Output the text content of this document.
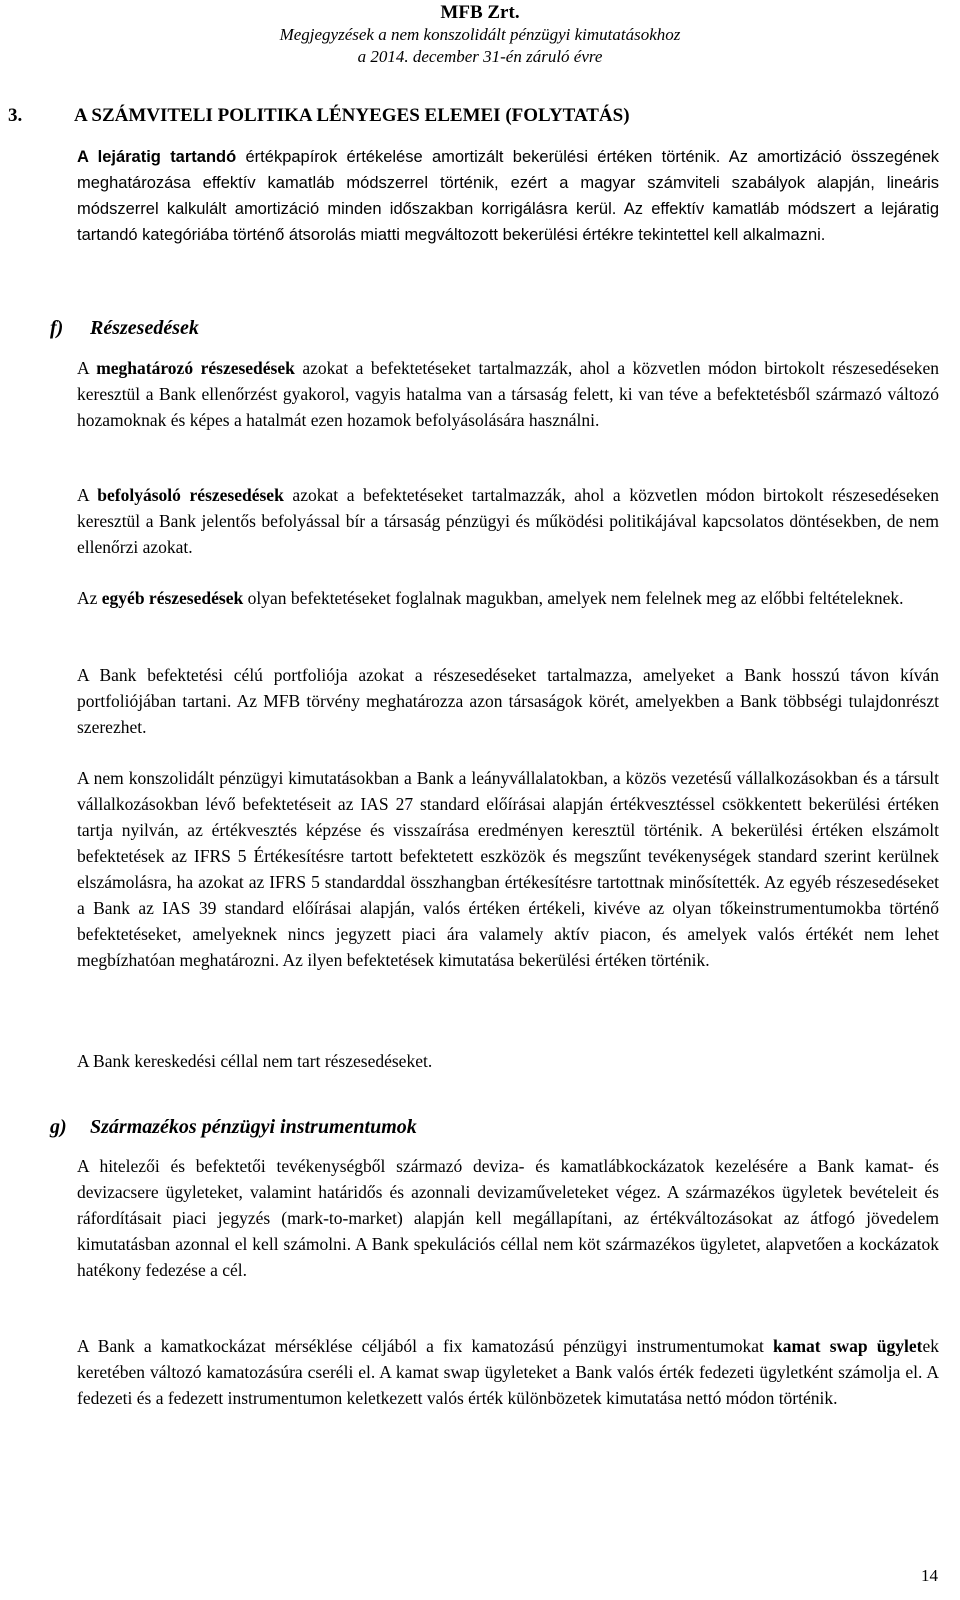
MFB Zrt.
Megjegyzések a nem konszolidált pénzügyi kimutatásokhoz
a 2014. december 31-én záruló évre
3.	A SZÁMVITELI POLITIKA LÉNYEGES ELEMEI (FOLYTATÁS)

A lejáratig tartandó értékpapírok értékelése amortizált bekerülési értéken történik. Az amortizáció összegének meghatározása effektív kamatláb módszerrel történik, ezért a magyar számviteli szabályok alapján, lineáris módszerrel kalkulált amortizáció minden időszakban korrigálásra kerül. Az effektív kamatláb módszert a lejáratig tartandó kategóriába történő átsorolás miatti megváltozott bekerülési értékre tekintettel kell alkalmazni.

f) Részesedések

A meghatározó részesedések azokat a befektetéseket tartalmazzák, ahol a közvetlen módon birtokolt részesedéseken keresztül a Bank ellenőrzést gyakorol, vagyis hatalma van a társaság felett, ki van téve a befektetésből származó változó hozamoknak és képes a hatalmát ezen hozamok befolyásolására használni.

A befolyásoló részesedések azokat a befektetéseket tartalmazzák, ahol a közvetlen módon birtokolt részesedéseken keresztül a Bank jelentős befolyással bír a társaság pénzügyi és működési politikájával kapcsolatos döntésekben, de nem ellenőrzi azokat.

Az egyéb részesedések olyan befektetéseket foglalnak magukban, amelyek nem felelnek meg az előbbi feltételeknek.

A Bank befektetési célú portfoliója azokat a részesedéseket tartalmazza, amelyeket a Bank hosszú távon kíván portfoliójában tartani. Az MFB törvény meghatározza azon társaságok körét, amelyekben a Bank többségi tulajdonrészt szerezhet.

A nem konszolidált pénzügyi kimutatásokban a Bank a leányvállalatokban, a közös vezetésű vállalkozásokban és a társult vállalkozásokban lévő befektetéseit az IAS 27 standard előírásai alapján értékvesztéssel csökkentett bekerülési értéken tartja nyilván, az értékvesztés képzése és visszaírása eredményen keresztül történik. A bekerülési értéken elszámolt befektetések az IFRS 5 Értékesítésre tartott befektetett eszközök és megszűnt tevékenységek standard szerint kerülnek elszámolásra, ha azokat az IFRS 5 standarddal összhangban értékesítésre tartottnak minősítették. Az egyéb részesedéseket a Bank az IAS 39 standard előírásai alapján, valós értéken értékeli, kivéve az olyan tőkeinstrumentumokba történő befektetéseket, amelyeknek nincs jegyzett piaci ára valamely aktív piacon, és amelyek valós értékét nem lehet megbízhatóan meghatározni. Az ilyen befektetések kimutatása bekerülési értéken történik.

A Bank kereskedési céllal nem tart részesedéseket.

g) Származékos pénzügyi instrumentumok

A hitelezői és befektetői tevékenységből származó deviza- és kamatlábkockázatok kezelésére a Bank kamat- és devizacsere ügyleteket, valamint határidős és azonnali devizaműveleteket végez. A származékos ügyletek bevételeit és ráfordításait piaci jegyzés (mark-to-market) alapján kell megállapítani, az értékváltozásokat az átfogó jövedelem kimutatásban azonnal el kell számolni. A Bank spekulációs céllal nem köt származékos ügyletet, alapvetően a kockázatok hatékony fedezése a cél.

A Bank a kamatkockázat mérséklése céljából a fix kamatozású pénzügyi instrumentumokat kamat swap ügyletek keretében változó kamatozásúra cseréli el. A kamat swap ügyleteket a Bank valós érték fedezeti ügyletként számolja el. A fedezeti és a fedezett instrumentumon keletkezett valós érték különbözetek kimutatása nettó módon történik.

14
